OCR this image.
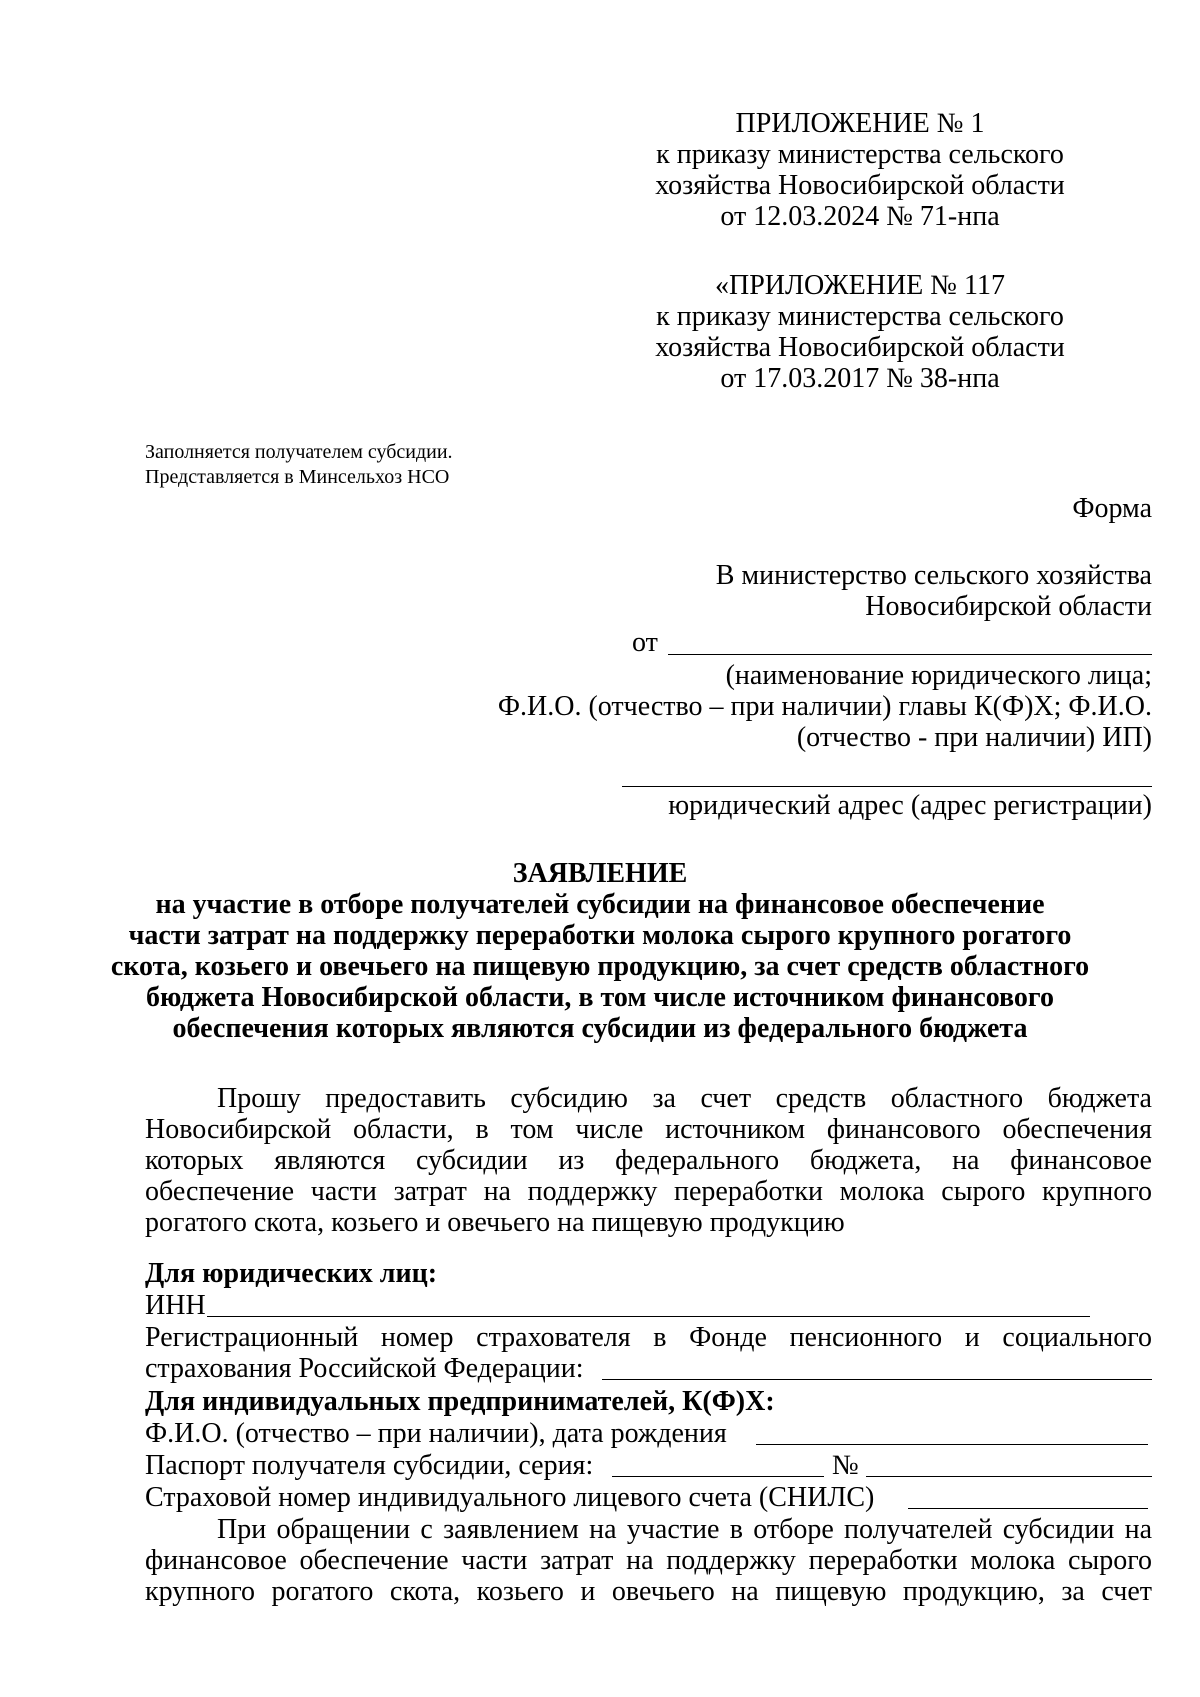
ПРИЛОЖЕНИЕ № 1
к приказу министерства сельского
хозяйства Новосибирской области
от 12.03.2024 № 71-нпа
«ПРИЛОЖЕНИЕ № 117
к приказу министерства сельского
хозяйства Новосибирской области
от 17.03.2017 № 38-нпа
Заполняется получателем субсидии.
Представляется в Минсельхоз НСО
Форма
В министерство сельского хозяйства
Новосибирской области
от
(наименование юридического лица;
Ф.И.О. (отчество – при наличии) главы К(Ф)Х; Ф.И.О.
(отчество - при наличии) ИП)
юридический адрес (адрес регистрации)
ЗАЯВЛЕНИЕ
на участие в отборе получателей субсидии на финансовое обеспечение
части затрат на поддержку переработки молока сырого крупного рогатого
скота, козьего и овечьего на пищевую продукцию, за счет средств областного
бюджета Новосибирской области, в том числе источником финансового
обеспечения которых являются субсидии из федерального бюджета
Прошу предоставить субсидию за счет средств областного бюджета
Новосибирской области, в том числе источником финансового обеспечения
которых являются субсидии из федерального бюджета, на финансовое
обеспечение части затрат на поддержку переработки молока сырого крупного
рогатого скота, козьего и овечьего на пищевую продукцию
Для юридических лиц:
ИНН
Регистрационный номер страхователя в Фонде пенсионного и социального
страхования Российской Федерации:
Для индивидуальных предпринимателей, К(Ф)Х:
Ф.И.О. (отчество – при наличии), дата рождения
Паспорт получателя субсидии, серия:	№
Страховой номер индивидуального лицевого счета (СНИЛС)
При обращении с заявлением на участие в отборе получателей субсидии на
финансовое обеспечение части затрат на поддержку переработки молока сырого
крупного рогатого скота, козьего и овечьего на пищевую продукцию, за счет
